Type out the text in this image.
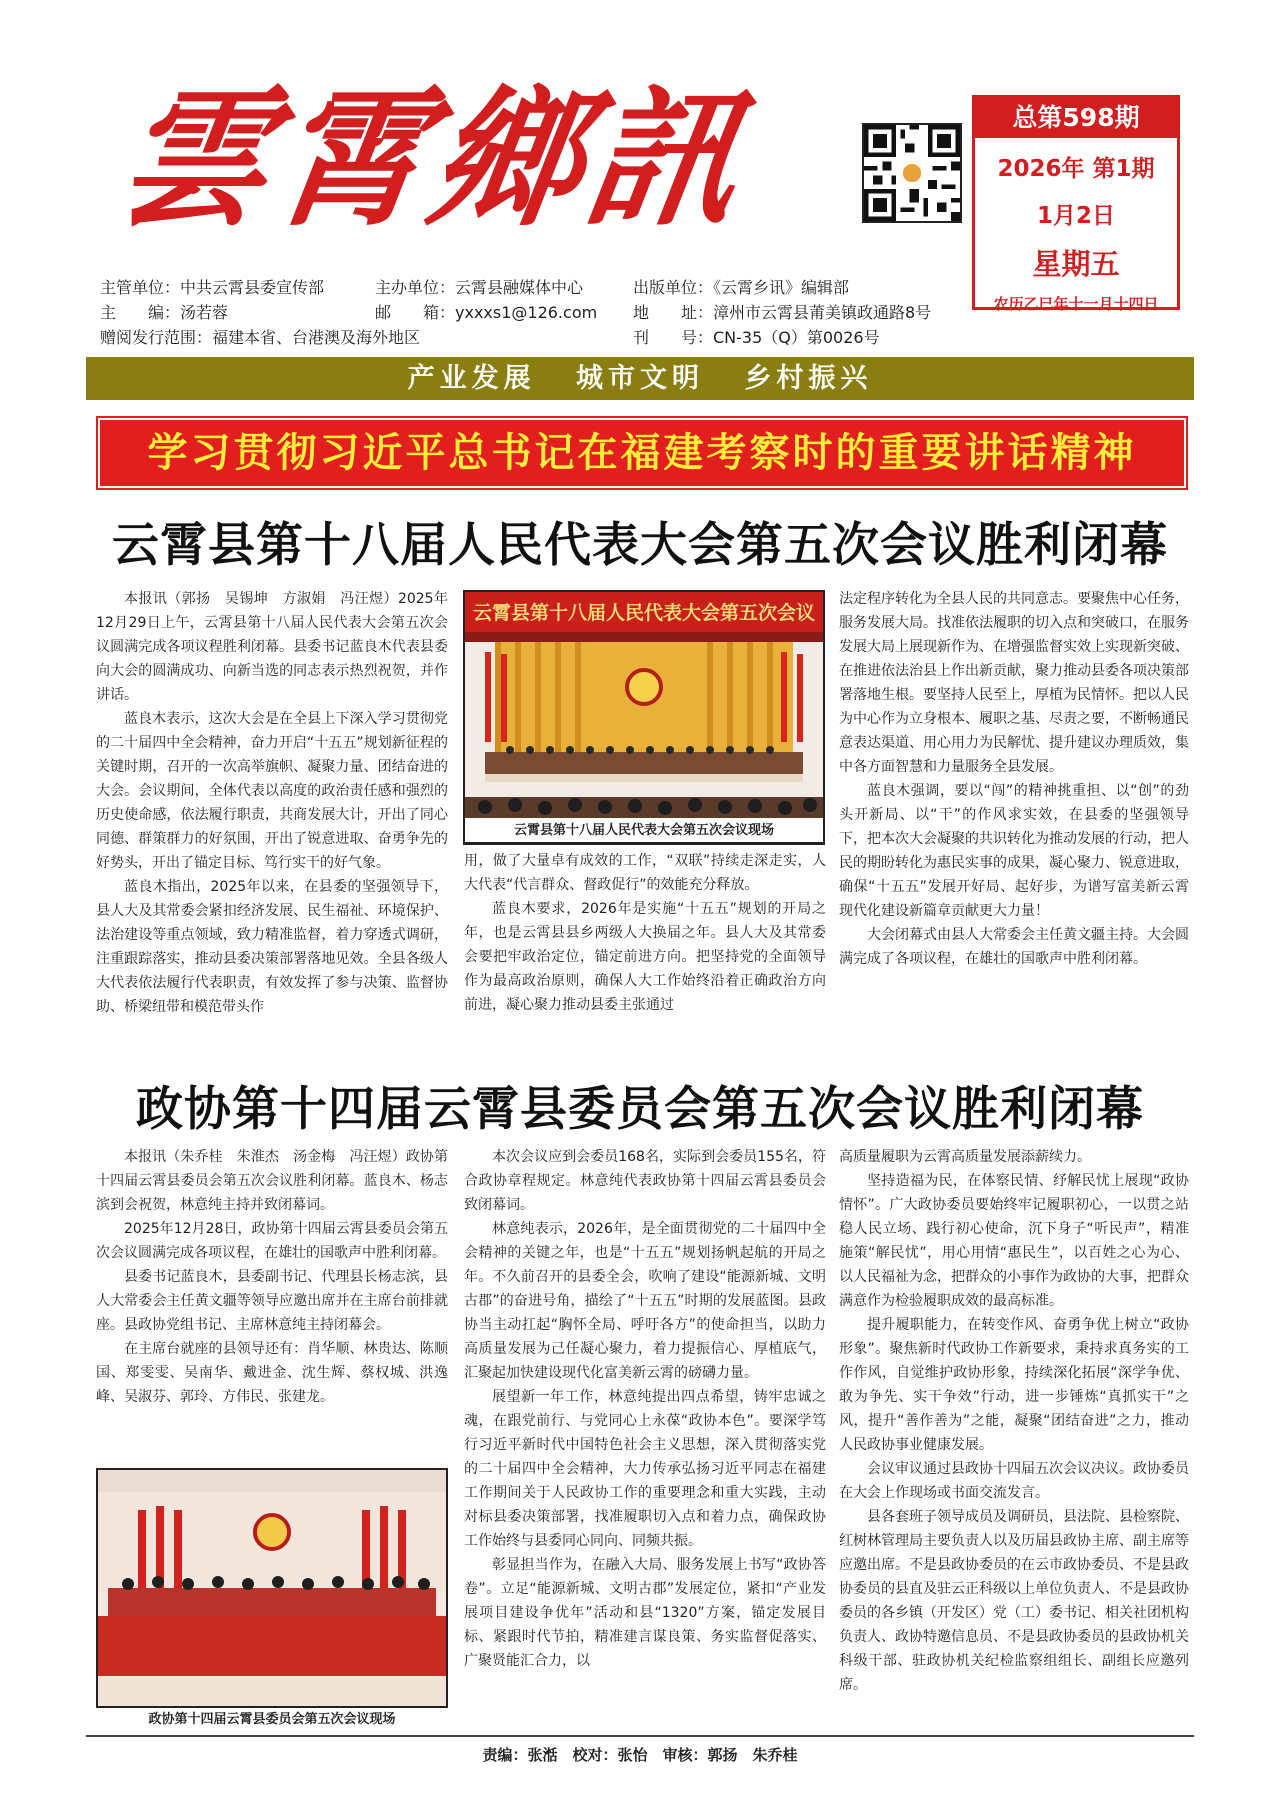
雲霄鄉訊	总第598期
2026年 第1期
1月2日
星期五
农历乙巳年十一月十四日
主管单位：中共云霄县委宣传部	主办单位：云霄县融媒体中心	出版单位：《云霄乡讯》编辑部
主　　编：汤若蓉	邮　　箱：yxxxs1@126.com	地　　址：漳州市云霄县莆美镇政通路8号
赠阅发行范围：福建本省、台港澳及海外地区	刊　　号：CN-35（Q）第0026号
产业发展 城市文明 乡村振兴
学习贯彻习近平总书记在福建考察时的重要讲话精神
云霄县第十八届人民代表大会第五次会议胜利闭幕

本报讯（郭扬　吴锡坤　方淑娟　冯汪煜）2025年12月29日上午，云霄县第十八届人民代表大会第五次会议圆满完成各项议程胜利闭幕。县委书记蓝良木代表县委向大会的圆满成功、向新当选的同志表示热烈祝贺，并作讲话。

蓝良木表示，这次大会是在全县上下深入学习贯彻党的二十届四中全会精神，奋力开启“十五五”规划新征程的关键时期，召开的一次高举旗帜、凝聚力量、团结奋进的大会。会议期间，全体代表以高度的政治责任感和强烈的历史使命感，依法履行职责，共商发展大计，开出了同心同德、群策群力的好氛围，开出了锐意进取、奋勇争先的好势头，开出了锚定目标、笃行实干的好气象。

蓝良木指出，2025年以来，在县委的坚强领导下，县人大及其常委会紧扣经济发展、民生福祉、环境保护、法治建设等重点领域，致力精准监督，着力穿透式调研，注重跟踪落实，推动县委决策部署落地见效。全县各级人大代表依法履行代表职责，有效发挥了参与决策、监督协助、桥梁纽带和模范带头作

云霄县第十八届人民代表大会第五次会议
云霄县第十八届人民代表大会第五次会议现场

用，做了大量卓有成效的工作，“双联”持续走深走实，人大代表“代言群众、督政促行”的效能充分释放。

蓝良木要求，2026年是实施“十五五”规划的开局之年，也是云霄县县乡两级人大换届之年。县人大及其常委会要把牢政治定位，锚定前进方向。把坚持党的全面领导作为最高政治原则，确保人大工作始终沿着正确政治方向前进，凝心聚力推动县委主张通过

法定程序转化为全县人民的共同意志。要聚焦中心任务，服务发展大局。找准依法履职的切入点和突破口，在服务发展大局上展现新作为、在增强监督实效上实现新突破、在推进依法治县上作出新贡献，聚力推动县委各项决策部署落地生根。要坚持人民至上，厚植为民情怀。把以人民为中心作为立身根本、履职之基、尽责之要，不断畅通民意表达渠道、用心用力为民解忧、提升建议办理质效，集中各方面智慧和力量服务全县发展。

蓝良木强调，要以“闯”的精神挑重担、以“创”的劲头开新局、以“干”的作风求实效，在县委的坚强领导下，把本次大会凝聚的共识转化为推动发展的行动，把人民的期盼转化为惠民实事的成果，凝心聚力、锐意进取，确保“十五五”发展开好局、起好步，为谱写富美新云霄现代化建设新篇章贡献更大力量！

大会闭幕式由县人大常委会主任黄文疆主持。大会圆满完成了各项议程，在雄壮的国歌声中胜利闭幕。

政协第十四届云霄县委员会第五次会议胜利闭幕

本报讯（朱乔桂　朱淮杰　汤金梅　冯汪煜）政协第十四届云霄县委员会第五次会议胜利闭幕。蓝良木、杨志滨到会祝贺，林意纯主持并致闭幕词。

2025年12月28日，政协第十四届云霄县委员会第五次会议圆满完成各项议程，在雄壮的国歌声中胜利闭幕。

县委书记蓝良木，县委副书记、代理县长杨志滨，县人大常委会主任黄文疆等领导应邀出席并在主席台前排就座。县政协党组书记、主席林意纯主持闭幕会。

在主席台就座的县领导还有：肖华顺、林贵达、陈顺国、郑雯雯、吴南华、戴进金、沈生辉、蔡权城、洪逸峰、吴淑芬、郭玲、方伟民、张建龙。

政协第十四届云霄县委员会第五次会议现场

本次会议应到会委员168名，实际到会委员155名，符合政协章程规定。林意纯代表政协第十四届云霄县委员会致闭幕词。

林意纯表示，2026年，是全面贯彻党的二十届四中全会精神的关键之年，也是“十五五”规划扬帆起航的开局之年。不久前召开的县委全会，吹响了建设“能源新城、文明古郡”的奋进号角，描绘了“十五五”时期的发展蓝图。县政协当主动扛起“胸怀全局、呼吁各方”的使命担当，以助力高质量发展为己任凝心聚力，着力提振信心、厚植底气，汇聚起加快建设现代化富美新云霄的磅礴力量。

展望新一年工作，林意纯提出四点希望，铸牢忠诚之魂，在跟党前行、与党同心上永葆“政协本色”。要深学笃行习近平新时代中国特色社会主义思想，深入贯彻落实党的二十届四中全会精神，大力传承弘扬习近平同志在福建工作期间关于人民政协工作的重要理念和重大实践，主动对标县委决策部署，找准履职切入点和着力点，确保政协工作始终与县委同心同向、同频共振。

彰显担当作为，在融入大局、服务发展上书写“政协答卷”。立足“能源新城、文明古郡”发展定位，紧扣“产业发展项目建设争优年”活动和县“1320”方案，锚定发展目标、紧跟时代节拍，精准建言谋良策、务实监督促落实、广聚贤能汇合力，以

高质量履职为云霄高质量发展添薪续力。

坚持造福为民，在体察民情、纾解民忧上展现“政协情怀”。广大政协委员要始终牢记履职初心，一以贯之站稳人民立场、践行初心使命，沉下身子“听民声”，精准施策“解民忧”，用心用情“惠民生”，以百姓之心为心、以人民福祉为念，把群众的小事作为政协的大事，把群众满意作为检验履职成效的最高标准。

提升履职能力，在转变作风、奋勇争优上树立“政协形象”。聚焦新时代政协工作新要求，秉持求真务实的工作作风，自觉维护政协形象，持续深化拓展“深学争优、敢为争先、实干争效”行动，进一步锤炼“真抓实干”之风，提升“善作善为”之能，凝聚“团结奋进”之力，推动人民政协事业健康发展。

会议审议通过县政协十四届五次会议决议。政协委员在大会上作现场或书面交流发言。

县各套班子领导成员及调研员，县法院、县检察院、红树林管理局主要负责人以及历届县政协主席、副主席等应邀出席。不是县政协委员的在云市政协委员、不是县政协委员的县直及驻云正科级以上单位负责人、不是县政协委员的各乡镇（开发区）党（工）委书记、相关社团机构负责人、政协特邀信息员、不是县政协委员的县政协机关科级干部、驻政协机关纪检监察组组长、副组长应邀列席。

责编：张湉　校对：张怡　审核：郭扬　朱乔桂
